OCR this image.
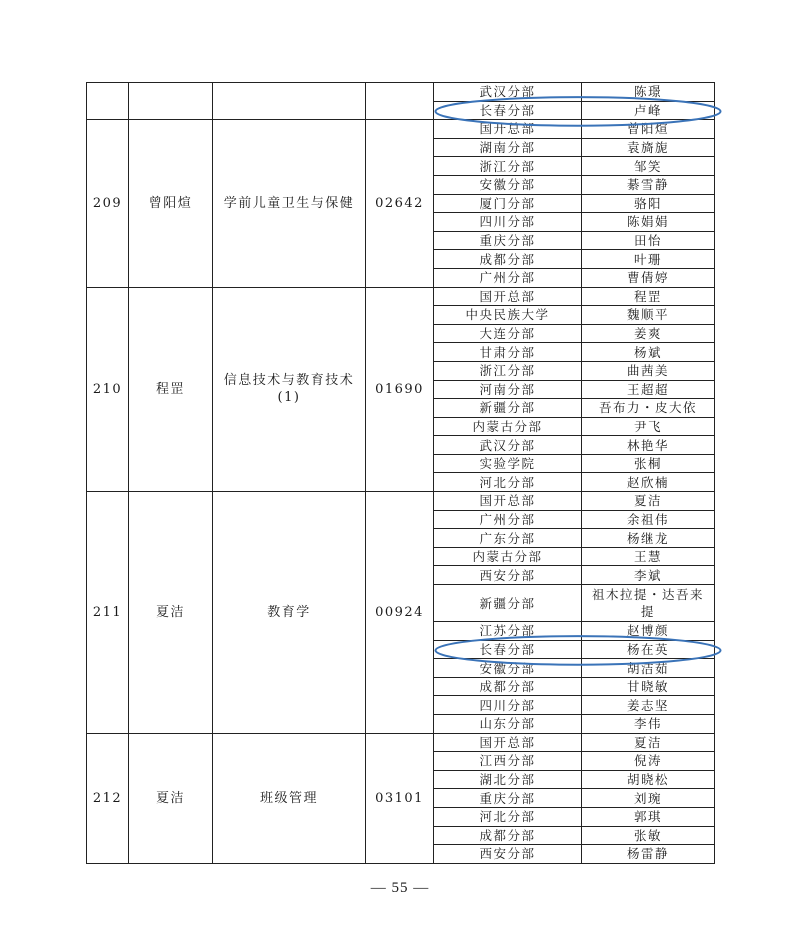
				武汉分部	陈璟
				长春分部	卢峰
209	曾阳煊	学前儿童卫生与保健	02642	国开总部	曾阳煊
				湖南分部	袁旖旎
				浙江分部	邹笑
				安徽分部	綦雪静
				厦门分部	骆阳
				四川分部	陈娟娟
				重庆分部	田怡
				成都分部	叶珊
				广州分部	曹倩婷
210	程罡	信息技术与教育技术 (1)	01690	国开总部	程罡
				中央民族大学	魏顺平
				大连分部	姜爽
				甘肃分部	杨斌
				浙江分部	曲茜美
				河南分部	王超超
				新疆分部	吾布力・皮大依
				内蒙古分部	尹飞
				武汉分部	林艳华
				实验学院	张桐
				河北分部	赵欣楠
211	夏洁	教育学	00924	国开总部	夏洁
				广州分部	余祖伟
				广东分部	杨继龙
				内蒙古分部	王慧
				西安分部	李斌
				新疆分部	祖木拉提・达吾来提
				江苏分部	赵博颜
				长春分部	杨在英
				安徽分部	胡洁茹
				成都分部	甘晓敏
				四川分部	姜志坚
				山东分部	李伟
212	夏洁	班级管理	03101	国开总部	夏洁
				江西分部	倪涛
				湖北分部	胡晓松
				重庆分部	刘琬
				河北分部	郭琪
				成都分部	张敏
				西安分部	杨雷静
— 55 —
